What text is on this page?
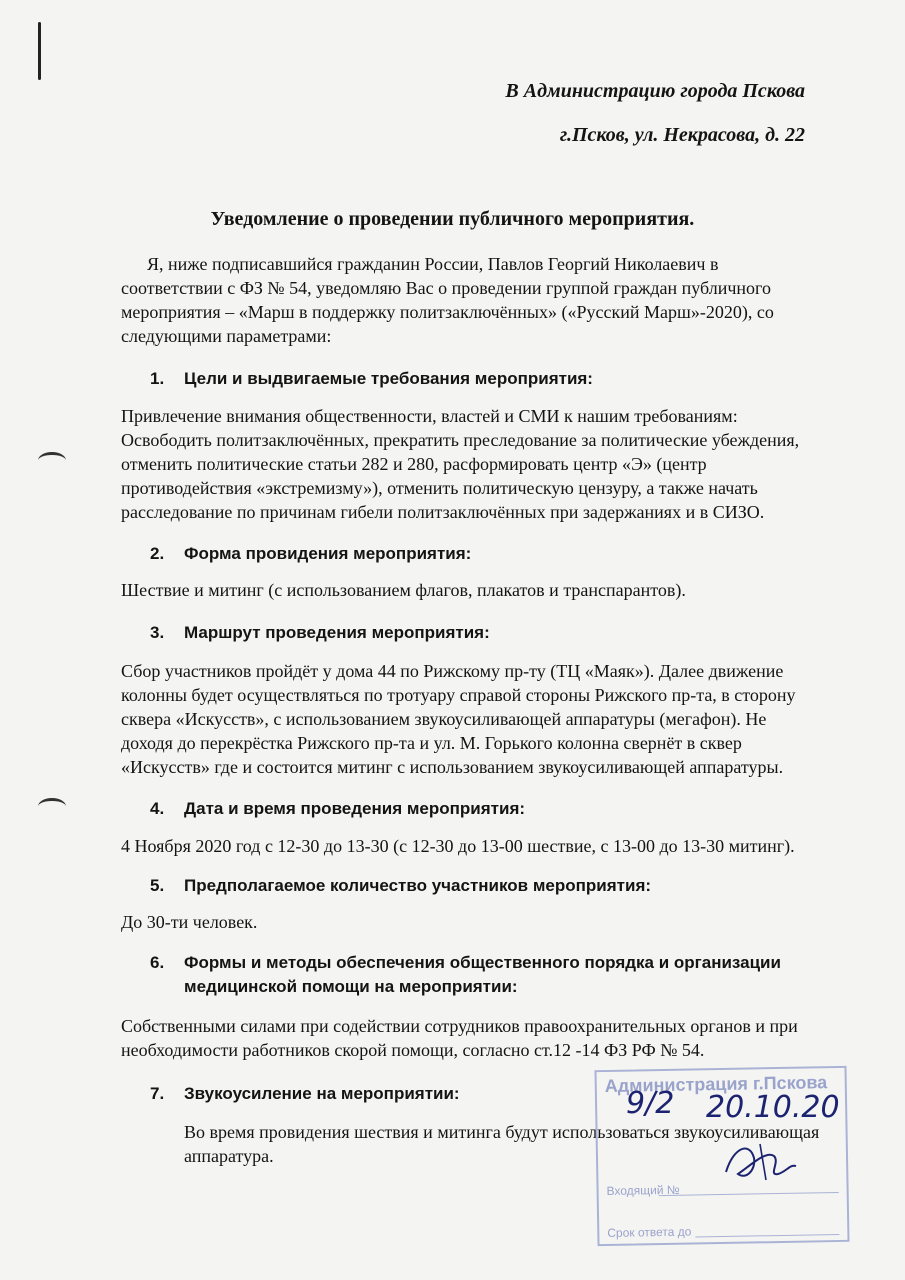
В Администрацию города Пскова
г.Псков, ул. Некрасова, д. 22
Уведомление о проведении публичного мероприятия.

Я, ниже подписавшийся гражданин России, Павлов Георгий Николаевич в соответствии с ФЗ № 54, уведомляю Вас о проведении группой граждан публичного мероприятия – «Марш в поддержку политзаключённых» («Русский Марш»-2020), со следующими параметрами:

1. Цели и выдвигаемые требования мероприятия:

Привлечение внимания общественности, властей и СМИ к нашим требованиям: Освободить политзаключённых, прекратить преследование за политические убеждения, отменить политические статьи 282 и 280, расформировать центр «Э» (центр противодействия «экстремизму»), отменить политическую цензуру, а также начать расследование по причинам гибели политзаключённых при задержаниях и в СИЗО.

2. Форма провидения мероприятия:

Шествие и митинг (с использованием флагов, плакатов и транспарантов).

3. Маршрут проведения мероприятия:

Сбор участников пройдёт у дома 44 по Рижскому пр-ту (ТЦ «Маяк»). Далее движение колонны будет осуществляться по тротуару справой стороны Рижского пр-та, в сторону сквера «Искусств», с использованием звукоусиливающей аппаратуры (мегафон). Не доходя до перекрёстка Рижского пр-та и ул. М. Горького колонна свернёт в сквер «Искусств» где и состоится митинг с использованием звукоусиливающей аппаратуры.

4. Дата и время проведения мероприятия:

4 Ноября 2020 год с 12-30 до 13-30 (с 12-30 до 13-00 шествие, с 13-00 до 13-30 митинг).

5. Предполагаемое количество участников мероприятия:

До 30-ти человек.

6. Формы и методы обеспечения общественного порядка и организации медицинской помощи на мероприятии:

Собственными силами при содействии сотрудников правоохранительных органов и при необходимости работников скорой помощи, согласно ст.12 -14 ФЗ РФ № 54.

7. Звукоусиление на мероприятии:

Во время провидения шествия и митинга будут использоваться звукоусиливающая аппаратура.

Администрация г.Пскова
Входящий №
Срок ответа до
9/2 20.10.20
